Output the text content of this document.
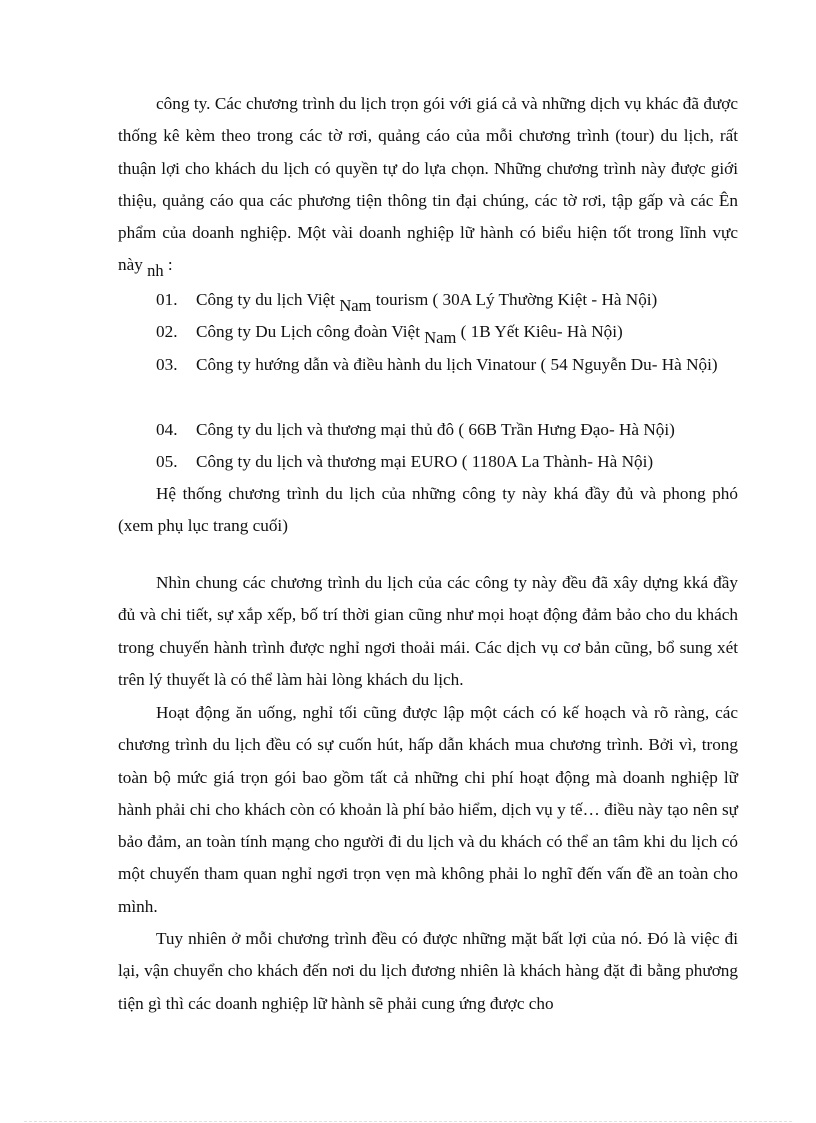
công ty. Các chương trình du lịch trọn gói với giá cả và những dịch vụ khác đã được thống kê kèm theo trong các tờ rơi, quảng cáo của mỗi chương trình (tour) du lịch, rất thuận lợi cho khách du lịch có quyền tự do lựa chọn. Những chương trình này được giới thiệu, quảng cáo qua các phương tiện thông tin đại chúng, các tờ rơi, tập gấp và các Ên phẩm của doanh nghiệp. Một vài doanh nghiệp lữ hành có biểu hiện tốt trong lĩnh vực này nh :

01. Công ty du lịch Việt Nam tourism ( 30A Lý Thường Kiệt - Hà Nội)

02. Công ty Du Lịch công đoàn Việt Nam ( 1B Yết Kiêu- Hà Nội)

03. Công ty hướng dẫn và điều hành du lịch Vinatour ( 54 Nguyễn Du- Hà Nội)

04. Công ty du lịch và thương mại thủ đô ( 66B Trần Hưng Đạo- Hà Nội)

05. Công ty du lịch và thương mại EURO ( 1180A La Thành- Hà Nội)

Hệ thống chương trình du lịch của những công ty này khá đầy đủ và phong phó (xem phụ lục trang cuối)

Nhìn chung các chương trình du lịch của các công ty này đều đã xây dựng kká đầy đủ và chi tiết, sự xắp xếp, bố trí thời gian cũng như mọi hoạt động đảm bảo cho du khách trong chuyến hành trình được nghỉ ngơi thoải mái. Các dịch vụ cơ bản cũng, bổ sung xét trên lý thuyết là có thể làm hài lòng khách du lịch.

Hoạt động ăn uống, nghỉ tối cũng được lập một cách có kế hoạch và rõ ràng, các chương trình du lịch đều có sự cuốn hút, hấp dẫn khách mua chương trình. Bởi vì, trong toàn bộ mức giá trọn gói bao gồm tất cả những chi phí hoạt động mà doanh nghiệp lữ hành phải chi cho khách còn có khoản là phí bảo hiểm, dịch vụ y tế… điều này tạo nên sự bảo đảm, an toàn tính mạng cho người đi du lịch và du khách có thể an tâm khi du lịch có một chuyến tham quan nghỉ ngơi trọn vẹn mà không phải lo nghĩ đến vấn đề an toàn cho mình.

Tuy nhiên ở mỗi chương trình đều có được những mặt bất lợi của nó. Đó là việc đi lại, vận chuyển cho khách đến nơi du lịch đương nhiên là khách hàng đặt đi bằng phương tiện gì thì các doanh nghiệp lữ hành sẽ phải cung ứng được cho
